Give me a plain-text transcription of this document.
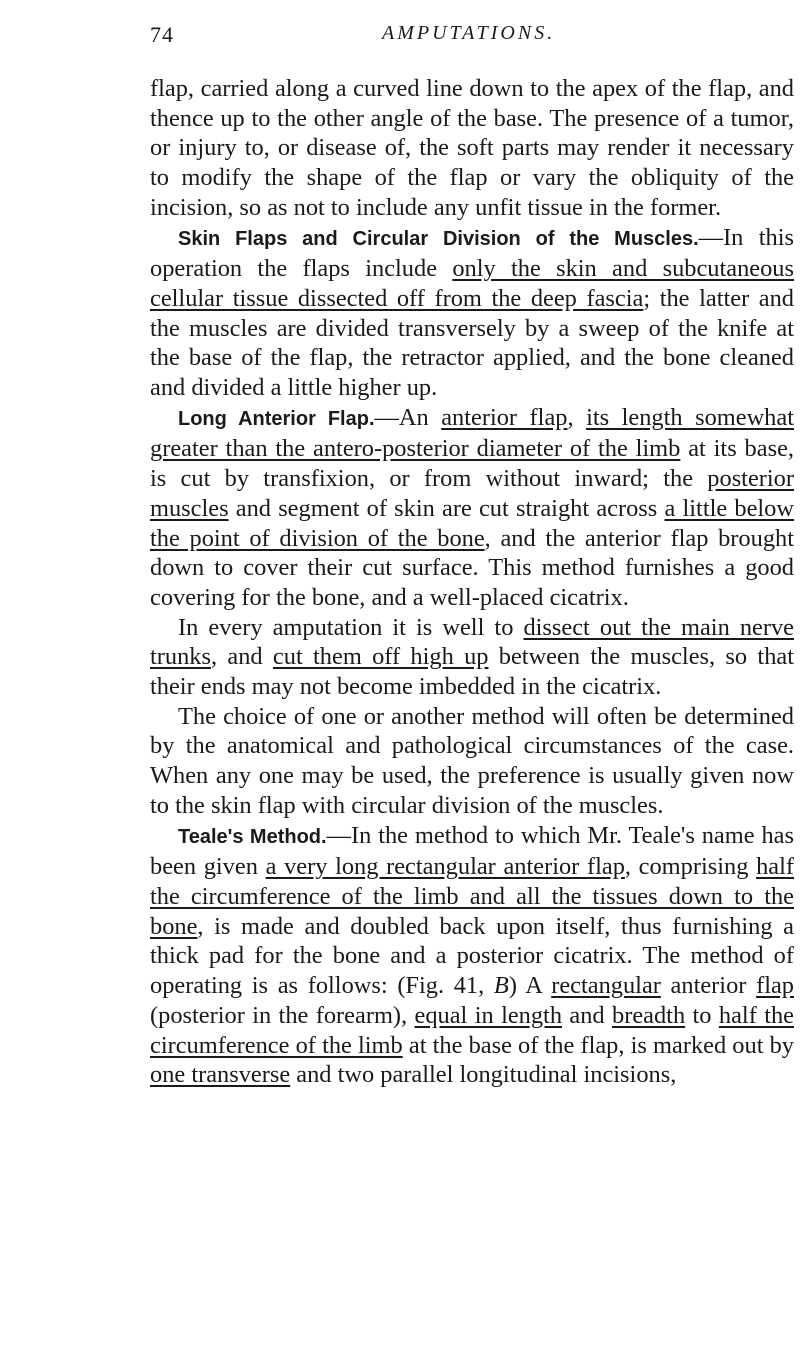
74	AMPUTATIONS.

flap, carried along a curved line down to the apex of the flap, and thence up to the other angle of the base. The presence of a tumor, or injury to, or disease of, the soft parts may render it necessary to modify the shape of the flap or vary the obliquity of the incision, so as not to include any unfit tissue in the former.

Skin Flaps and Circular Division of the Muscles.—In this operation the flaps include only the skin and subcutaneous cellular tissue dissected off from the deep fascia; the latter and the muscles are divided transversely by a sweep of the knife at the base of the flap, the retractor applied, and the bone cleaned and divided a little higher up.

Long Anterior Flap.—An anterior flap, its length somewhat greater than the antero-posterior diameter of the limb at its base, is cut by transfixion, or from without inward; the posterior muscles and segment of skin are cut straight across a little below the point of division of the bone, and the anterior flap brought down to cover their cut surface. This method furnishes a good covering for the bone, and a well-placed cicatrix.

In every amputation it is well to dissect out the main nerve trunks, and cut them off high up between the muscles, so that their ends may not become imbedded in the cicatrix.

The choice of one or another method will often be determined by the anatomical and pathological circumstances of the case. When any one may be used, the preference is usually given now to the skin flap with circular division of the muscles.

Teale's Method.—In the method to which Mr. Teale's name has been given a very long rectangular anterior flap, comprising half the circumference of the limb and all the tissues down to the bone, is made and doubled back upon itself, thus furnishing a thick pad for the bone and a posterior cicatrix. The method of operating is as follows: (Fig. 41, B) A rectangular anterior flap (posterior in the forearm), equal in length and breadth to half the circumference of the limb at the base of the flap, is marked out by one transverse and two parallel longitudinal incisions,
